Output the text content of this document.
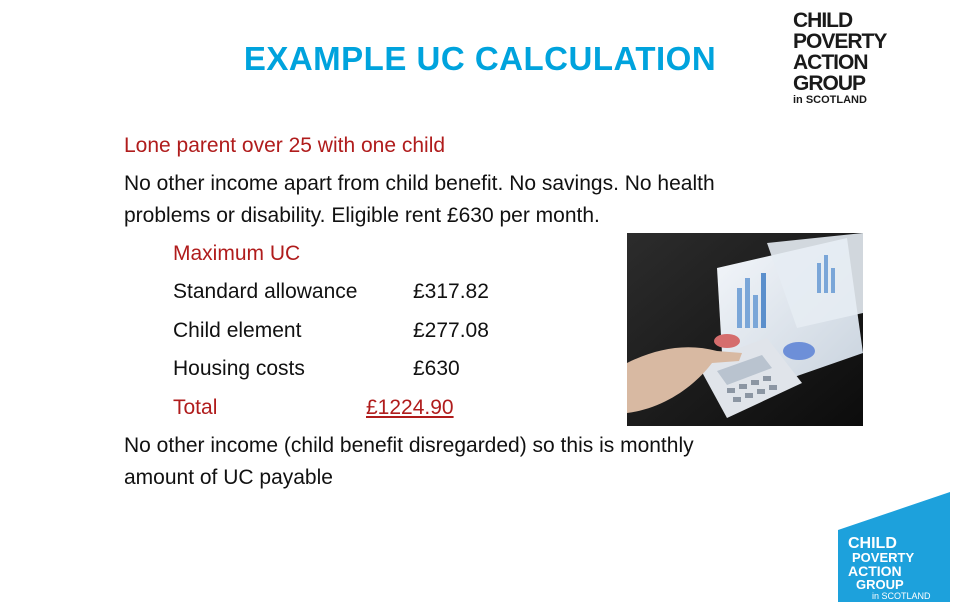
EXAMPLE UC CALCULATION
CHILD
POVERTY
ACTION
GROUP
in SCOTLAND
Lone parent over 25 with one child
No other income apart from child benefit. No savings. No health
problems or disability. Eligible rent £630 per month.
Maximum UC
Standard allowance	£317.82
Child element	£277.08
Housing costs	£630
Total	£1224.90
No other income (child benefit disregarded) so this is monthly
amount of UC payable
CHILD
POVERTY
ACTION
GROUP
in SCOTLAND
